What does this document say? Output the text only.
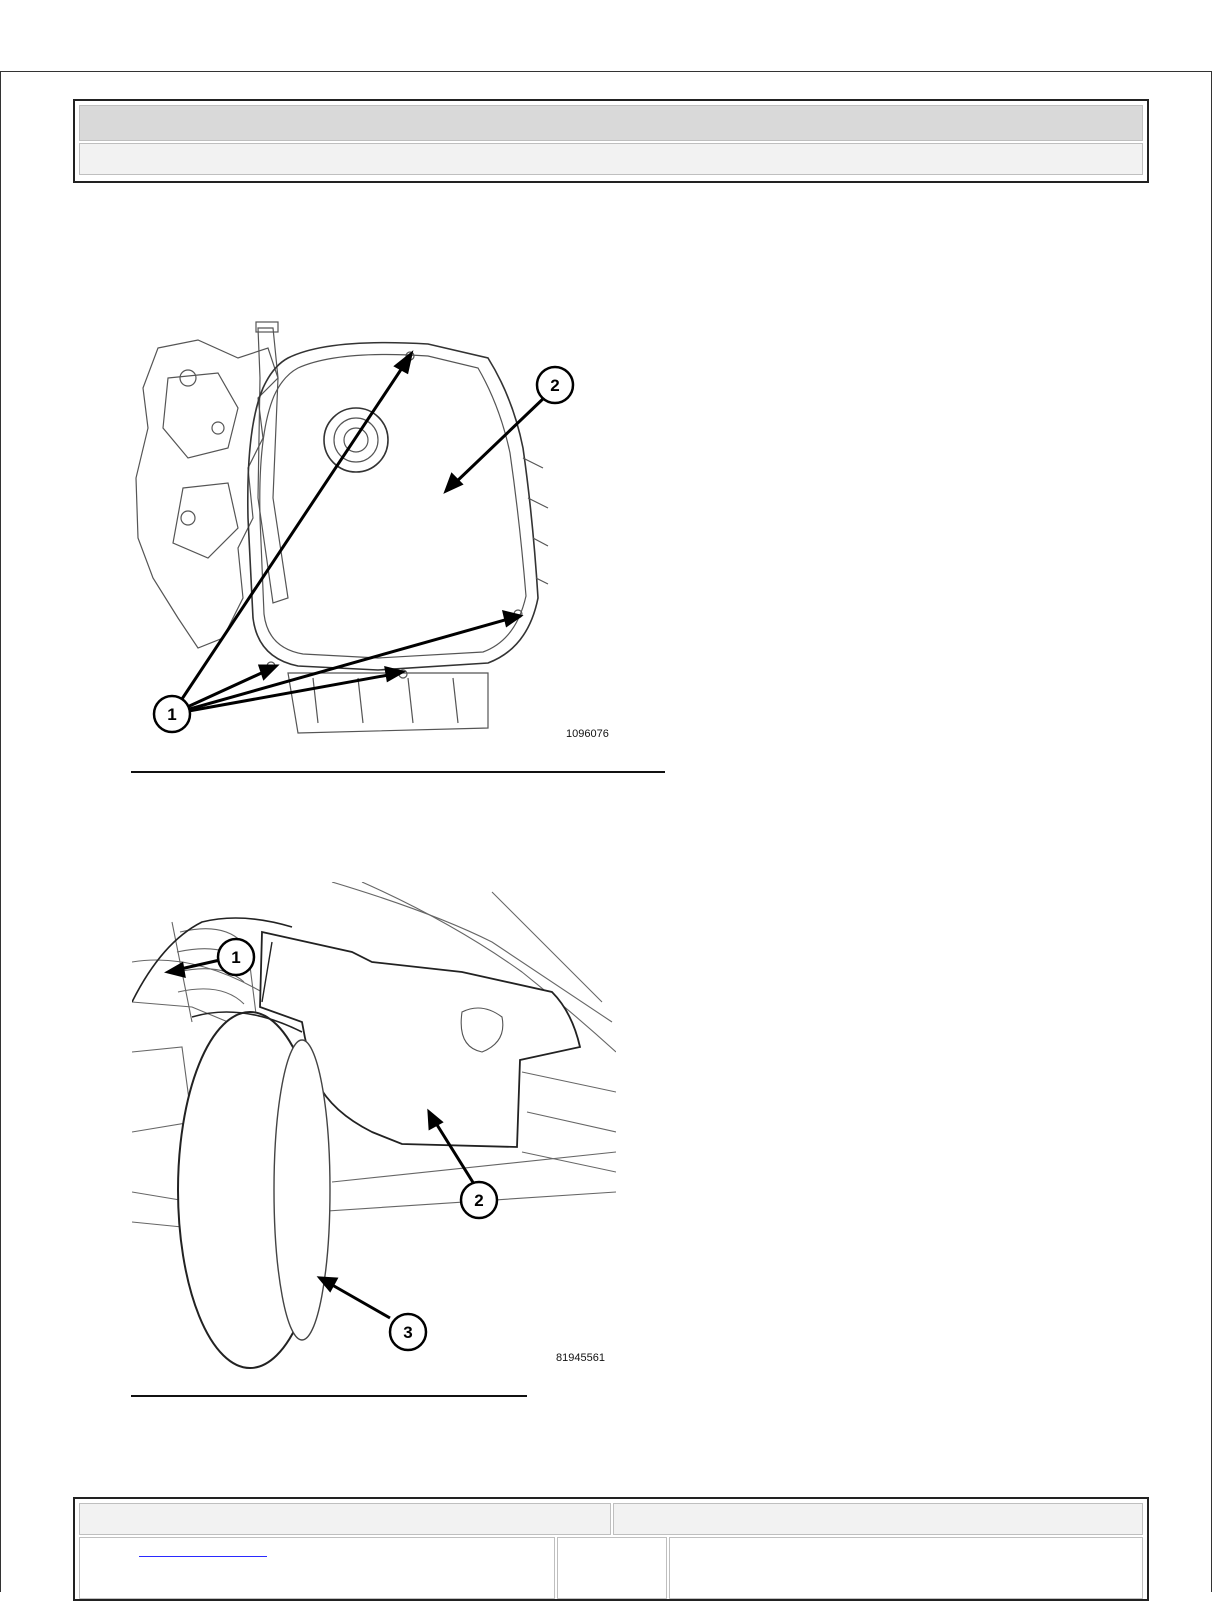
1
2
1096076
1
2
3
81945561
